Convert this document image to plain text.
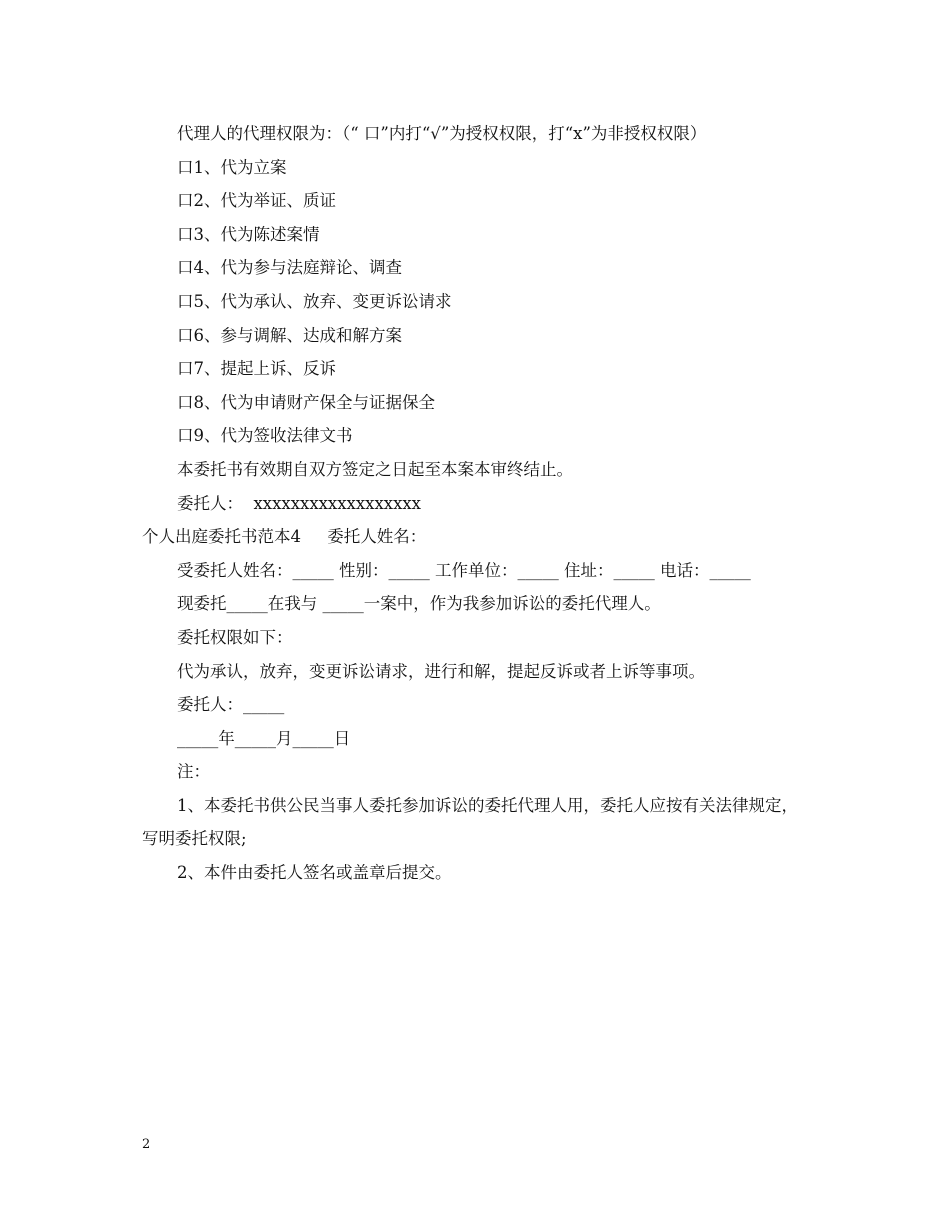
代理人的代理权限为：（“ 口”内打“√”为授权权限，打“x”为非授权权限）

口1、代为立案

口2、代为举证、质证

口3、代为陈述案情

口4、代为参与法庭辩论、调查

口5、代为承认、放弃、变更诉讼请求

口6、参与调解、达成和解方案

口7、提起上诉、反诉

口8、代为申请财产保全与证据保全

口9、代为签收法律文书

本委托书有效期自双方签定之日起至本案本审终结止。

委托人：  xxxxxxxxxxxxxxxxxx

个人出庭委托书范本4     委托人姓名：

受委托人姓名：_____ 性别：_____ 工作单位：_____ 住址：_____ 电话：_____

现委托_____在我与 _____一案中，作为我参加诉讼的委托代理人。

委托权限如下：

代为承认，放弃，变更诉讼请求，进行和解，提起反诉或者上诉等事项。

委托人：_____

_____年_____月_____日

注：

1、本委托书供公民当事人委托参加诉讼的委托代理人用，委托人应按有关法律规定，写明委托权限;

2、本件由委托人签名或盖章后提交。

2
